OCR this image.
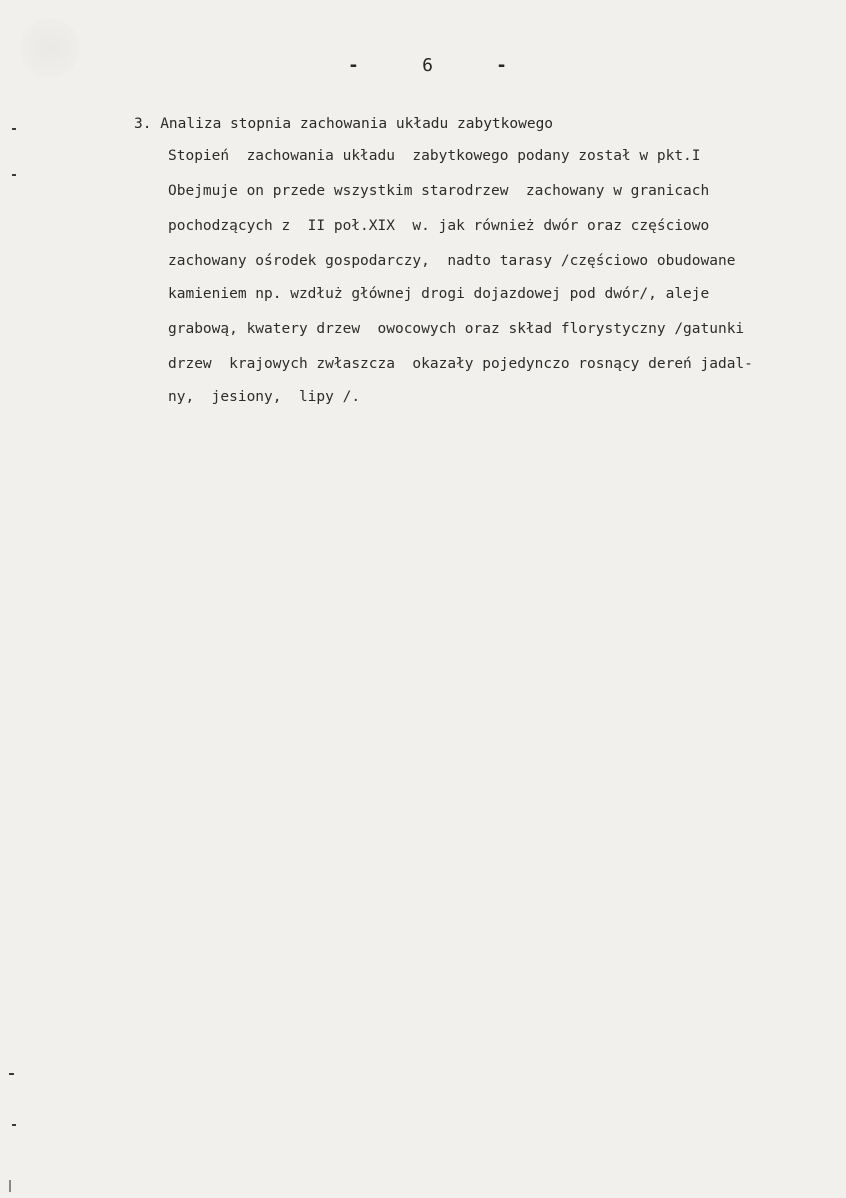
-	6	-
3. Analiza stopnia zachowania układu zabytkowego
Stopień  zachowania układu  zabytkowego podany został w pkt.I
Obejmuje on przede wszystkim starodrzew  zachowany w granicach
pochodzących z  II poł.XIX  w. jak również dwór oraz częściowo
zachowany ośrodek gospodarczy,  nadto tarasy /częściowo obudowane
kamieniem np. wzdłuż głównej drogi dojazdowej pod dwór/, aleje
grabową, kwatery drzew  owocowych oraz skład florystyczny /gatunki
drzew  krajowych zwłaszcza  okazały pojedynczo rosnący dereń jadal-
ny,  jesiony,  lipy /.
